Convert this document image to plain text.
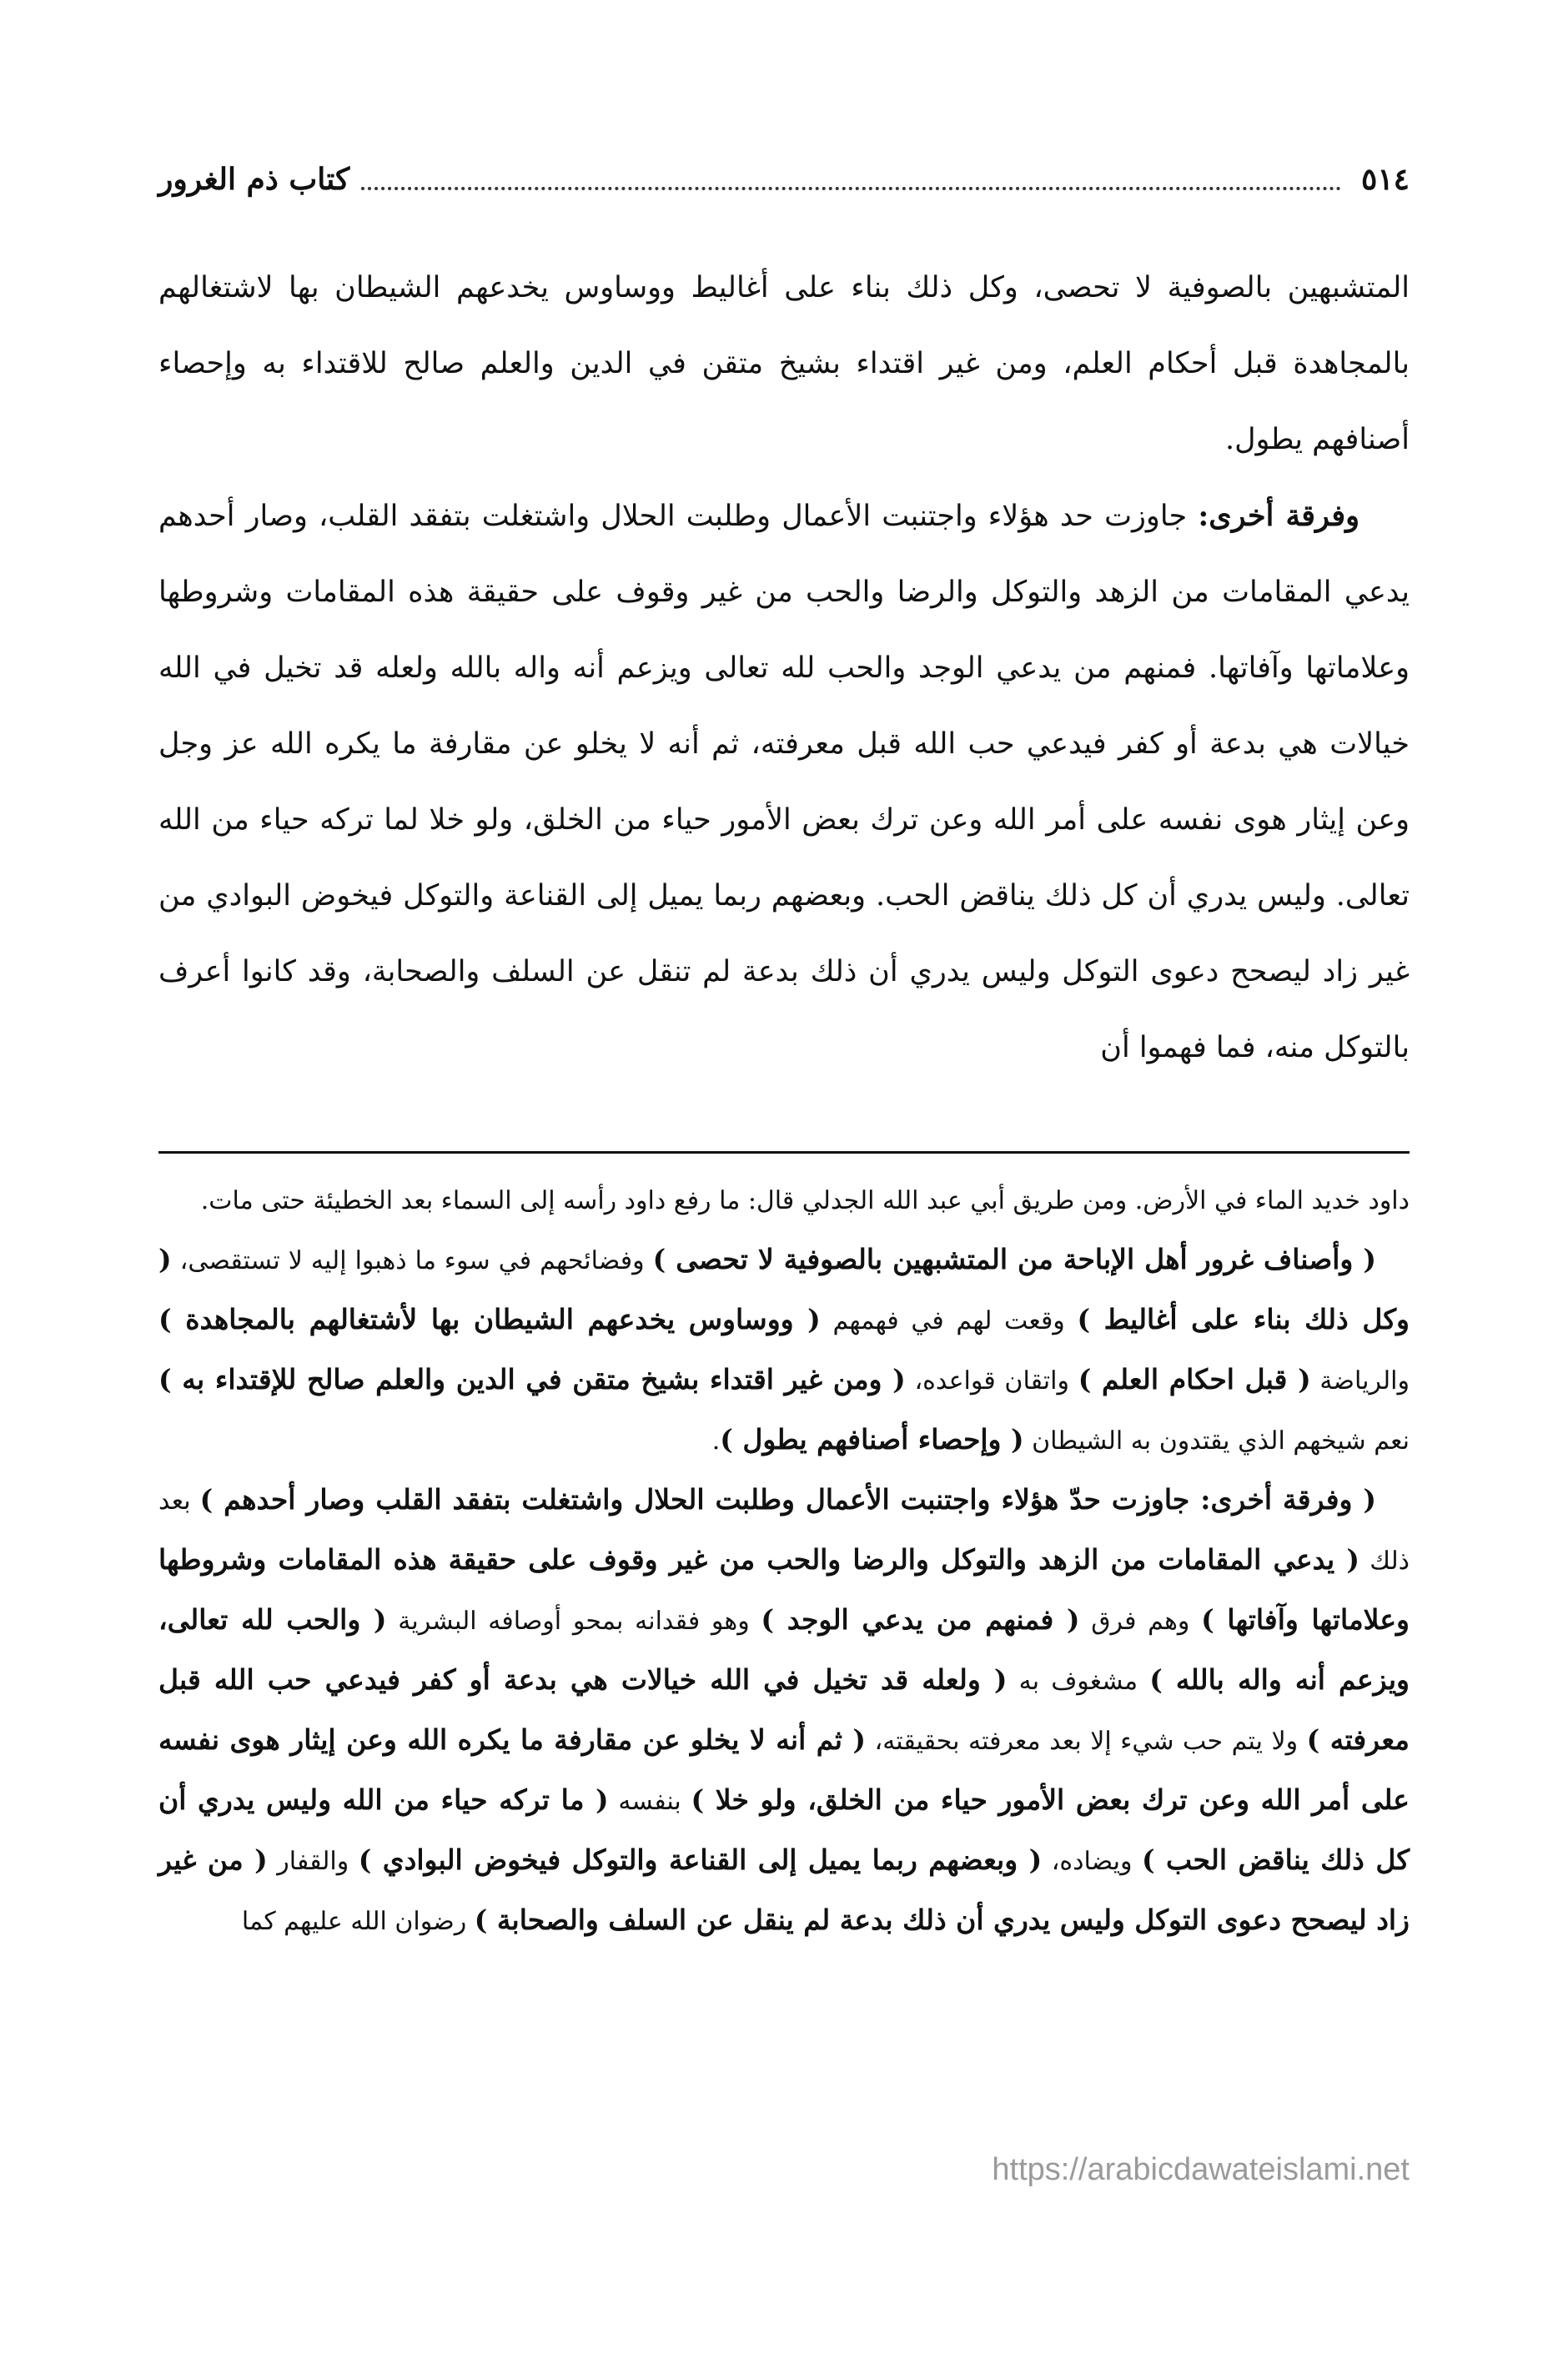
٥١٤
كتاب ذم الغرور

المتشبهين بالصوفية لا تحصى، وكل ذلك بناء على أغاليط ووساوس يخدعهم الشيطان بها لاشتغالهم بالمجاهدة قبل أحكام العلم، ومن غير اقتداء بشيخ متقن في الدين والعلم صالح للاقتداء به وإحصاء أصنافهم يطول.

وفرقة أخرى: جاوزت حد هؤلاء واجتنبت الأعمال وطلبت الحلال واشتغلت بتفقد القلب، وصار أحدهم يدعي المقامات من الزهد والتوكل والرضا والحب من غير وقوف على حقيقة هذه المقامات وشروطها وعلاماتها وآفاتها. فمنهم من يدعي الوجد والحب لله تعالى ويزعم أنه واله بالله ولعله قد تخيل في الله خيالات هي بدعة أو كفر فيدعي حب الله قبل معرفته، ثم أنه لا يخلو عن مقارفة ما يكره الله عز وجل وعن إيثار هوى نفسه على أمر الله وعن ترك بعض الأمور حياء من الخلق، ولو خلا لما تركه حياء من الله تعالى. وليس يدري أن كل ذلك يناقض الحب. وبعضهم ربما يميل إلى القناعة والتوكل فيخوض البوادي من غير زاد ليصحح دعوى التوكل وليس يدري أن ذلك بدعة لم تنقل عن السلف والصحابة، وقد كانوا أعرف بالتوكل منه، فما فهموا أن

داود خديد الماء في الأرض. ومن طريق أبي عبد الله الجدلي قال: ما رفع داود رأسه إلى السماء بعد الخطيئة حتى مات.

( وأصناف غرور أهل الإباحة من المتشبهين بالصوفية لا تحصى ) وفضائحهم في سوء ما ذهبوا إليه لا تستقصى، ( وكل ذلك بناء على أغاليط ) وقعت لهم في فهمهم ( ووساوس يخدعهم الشيطان بها لأشتغالهم بالمجاهدة ) والرياضة ( قبل احكام العلم ) واتقان قواعده، ( ومن غير اقتداء بشيخ متقن في الدين والعلم صالح للإقتداء به ) نعم شيخهم الذي يقتدون به الشيطان ( وإحصاء أصنافهم يطول ).

( وفرقة أخرى: جاوزت حدّ هؤلاء واجتنبت الأعمال وطلبت الحلال واشتغلت بتفقد القلب وصار أحدهم ) بعد ذلك ( يدعي المقامات من الزهد والتوكل والرضا والحب من غير وقوف على حقيقة هذه المقامات وشروطها وعلاماتها وآفاتها ) وهم فرق ( فمنهم من يدعي الوجد ) وهو فقدانه بمحو أوصافه البشرية ( والحب لله تعالى، ويزعم أنه واله بالله ) مشغوف به ( ولعله قد تخيل في الله خيالات هي بدعة أو كفر فيدعي حب الله قبل معرفته ) ولا يتم حب شيء إلا بعد معرفته بحقيقته، ( ثم أنه لا يخلو عن مقارفة ما يكره الله وعن إيثار هوى نفسه على أمر الله وعن ترك بعض الأمور حياء من الخلق، ولو خلا ) بنفسه ( ما تركه حياء من الله وليس يدري أن كل ذلك يناقض الحب ) ويضاده، ( وبعضهم ربما يميل إلى القناعة والتوكل فيخوض البوادي ) والقفار ( من غير زاد ليصحح دعوى التوكل وليس يدري أن ذلك بدعة لم ينقل عن السلف والصحابة ) رضوان الله عليهم كما

https://arabicdawateislami.net
